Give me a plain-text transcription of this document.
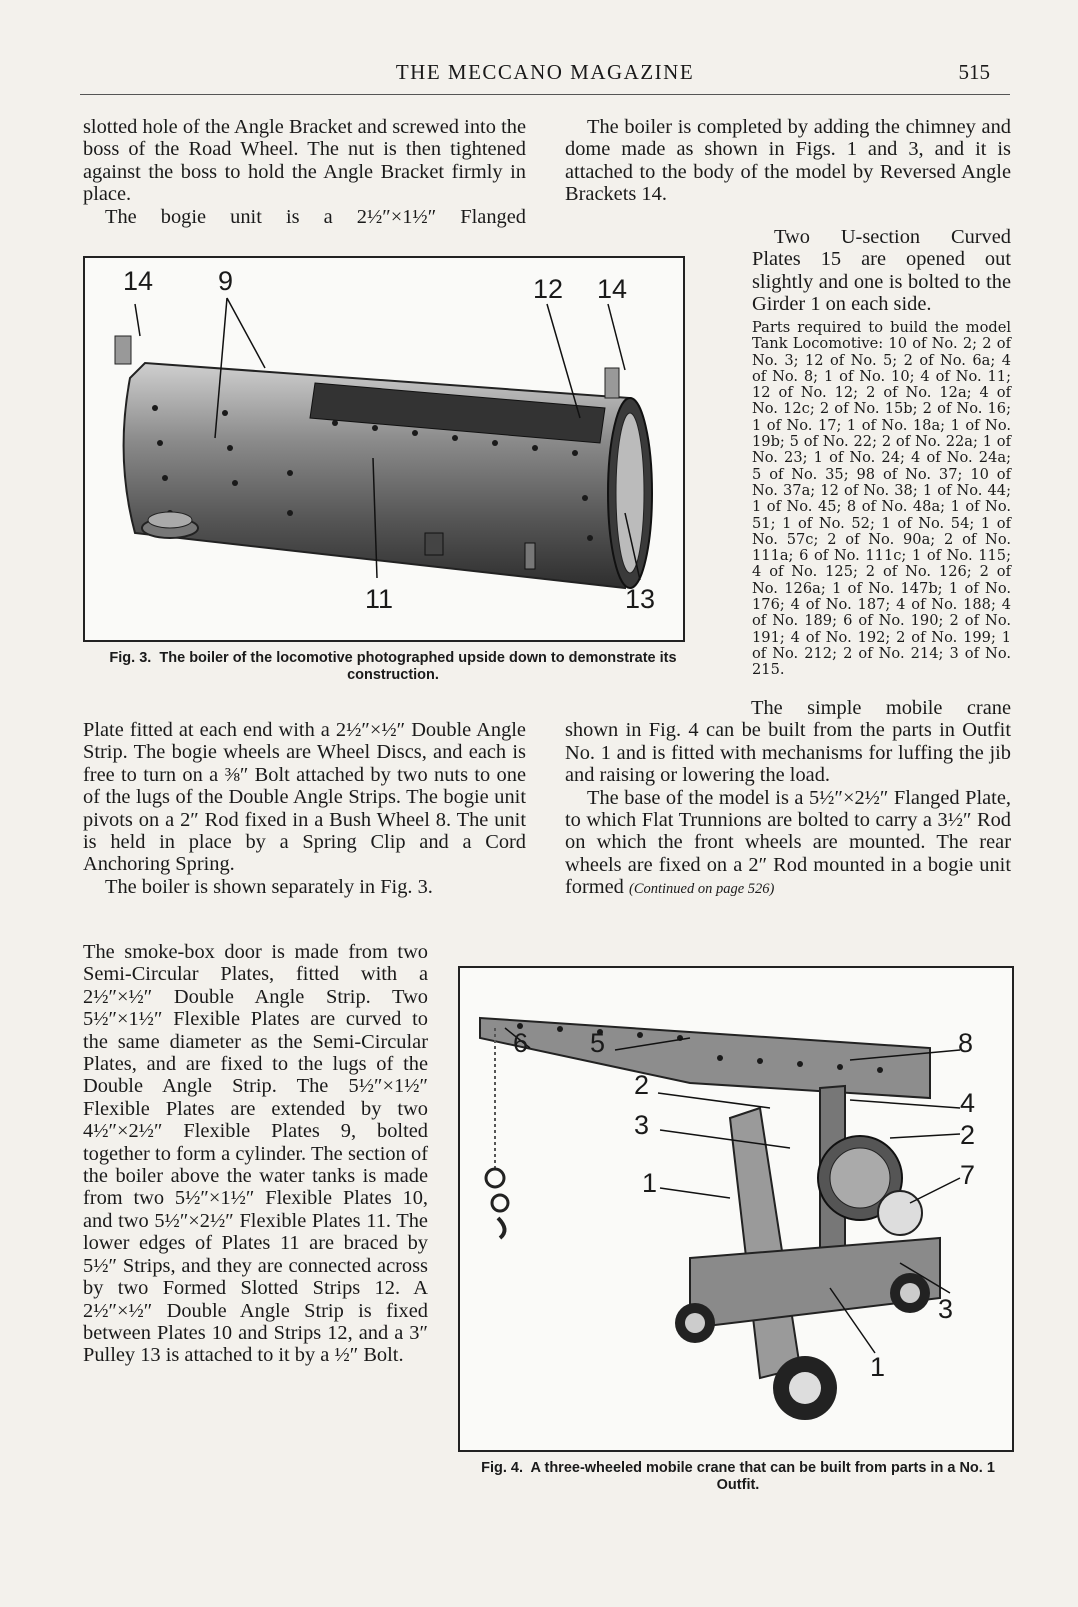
THE MECCANO MAGAZINE	515

slotted hole of the Angle Bracket and screwed into the boss of the Road Wheel. The nut is then tightened against the boss to hold the Angle Bracket firmly in place.

The bogie unit is a 2½″×1½″ Flanged

The boiler is completed by adding the chimney and dome made as shown in Figs. 1 and 3, and it is attached to the body of the model by Reversed Angle Brackets 14.

Two U-section Curved Plates 15 are opened out slightly and one is bolted to the Girder 1 on each side.

Parts required to build the model Tank Locomotive: 10 of No. 2; 2 of No. 3; 12 of No. 5; 2 of No. 6a; 4 of No. 8; 1 of No. 10; 4 of No. 11; 12 of No. 12; 2 of No. 12a; 4 of No. 12c; 2 of No. 15b; 2 of No. 16; 1 of No. 17; 1 of No. 18a; 1 of No. 19b; 5 of No. 22; 2 of No. 22a; 1 of No. 23; 1 of No. 24; 4 of No. 24a; 5 of No. 35; 98 of No. 37; 10 of No. 37a; 12 of No. 38; 1 of No. 44; 1 of No. 45; 8 of No. 48a; 1 of No. 51; 1 of No. 52; 1 of No. 54; 1 of No. 57c; 2 of No. 90a; 2 of No. 111a; 6 of No. 111c; 1 of No. 115; 4 of No. 125; 2 of No. 126; 2 of No. 126a; 1 of No. 147b; 1 of No. 176; 4 of No. 187; 4 of No. 188; 4 of No. 189; 6 of No. 190; 2 of No. 191; 4 of No. 192; 2 of No. 199; 1 of No. 212; 2 of No. 214; 3 of No. 215.
14 9	12 14
11	13
Fig. 3. The boiler of the locomotive photographed upside down to demonstrate its construction.

Plate fitted at each end with a 2½″×½″ Double Angle Strip. The bogie wheels are Wheel Discs, and each is free to turn on a ⅜″ Bolt attached by two nuts to one of the lugs of the Double Angle Strips. The bogie unit pivots on a 2″ Rod fixed in a Bush Wheel 8. The unit is held in place by a Spring Clip and a Cord Anchoring Spring.

The boiler is shown separately in Fig. 3.

The simple mobile crane shown in Fig. 4 can be built from the parts in Outfit No. 1 and is fitted with mechanisms for luffing the jib and raising or lowering the load.

The base of the model is a 5½″×2½″ Flanged Plate, to which Flat Trunnions are bolted to carry a 3½″ Rod on which the front wheels are mounted. The rear wheels are fixed on a 2″ Rod mounted in a bogie unit formed (Continued on page 526)

The smoke-box door is made from two Semi-Circular Plates, fitted with a 2½″×½″ Double Angle Strip. Two 5½″×1½″ Flexible Plates are curved to the same diameter as the Semi-Circular Plates, and are fixed to the lugs of the Double Angle Strip. The 5½″×1½″ Flexible Plates are extended by two 4½″×2½″ Flexible Plates 9, bolted together to form a cylinder. The section of the boiler above the water tanks is made from two 5½″×1½″ Flexible Plates 10, and two 5½″×2½″ Flexible Plates 11. The lower edges of Plates 11 are braced by 5½″ Strips, and they are connected across by two Formed Slotted Strips 12. A 2½″×½″ Double Angle Strip is fixed between Plates 10 and Strips 12, and a 3″ Pulley 13 is attached to it by a ½″ Bolt.

6 5	8
2
4
3	2
7
1
3
1
Fig. 4. A three-wheeled mobile crane that can be built from parts in a No. 1 Outfit.
